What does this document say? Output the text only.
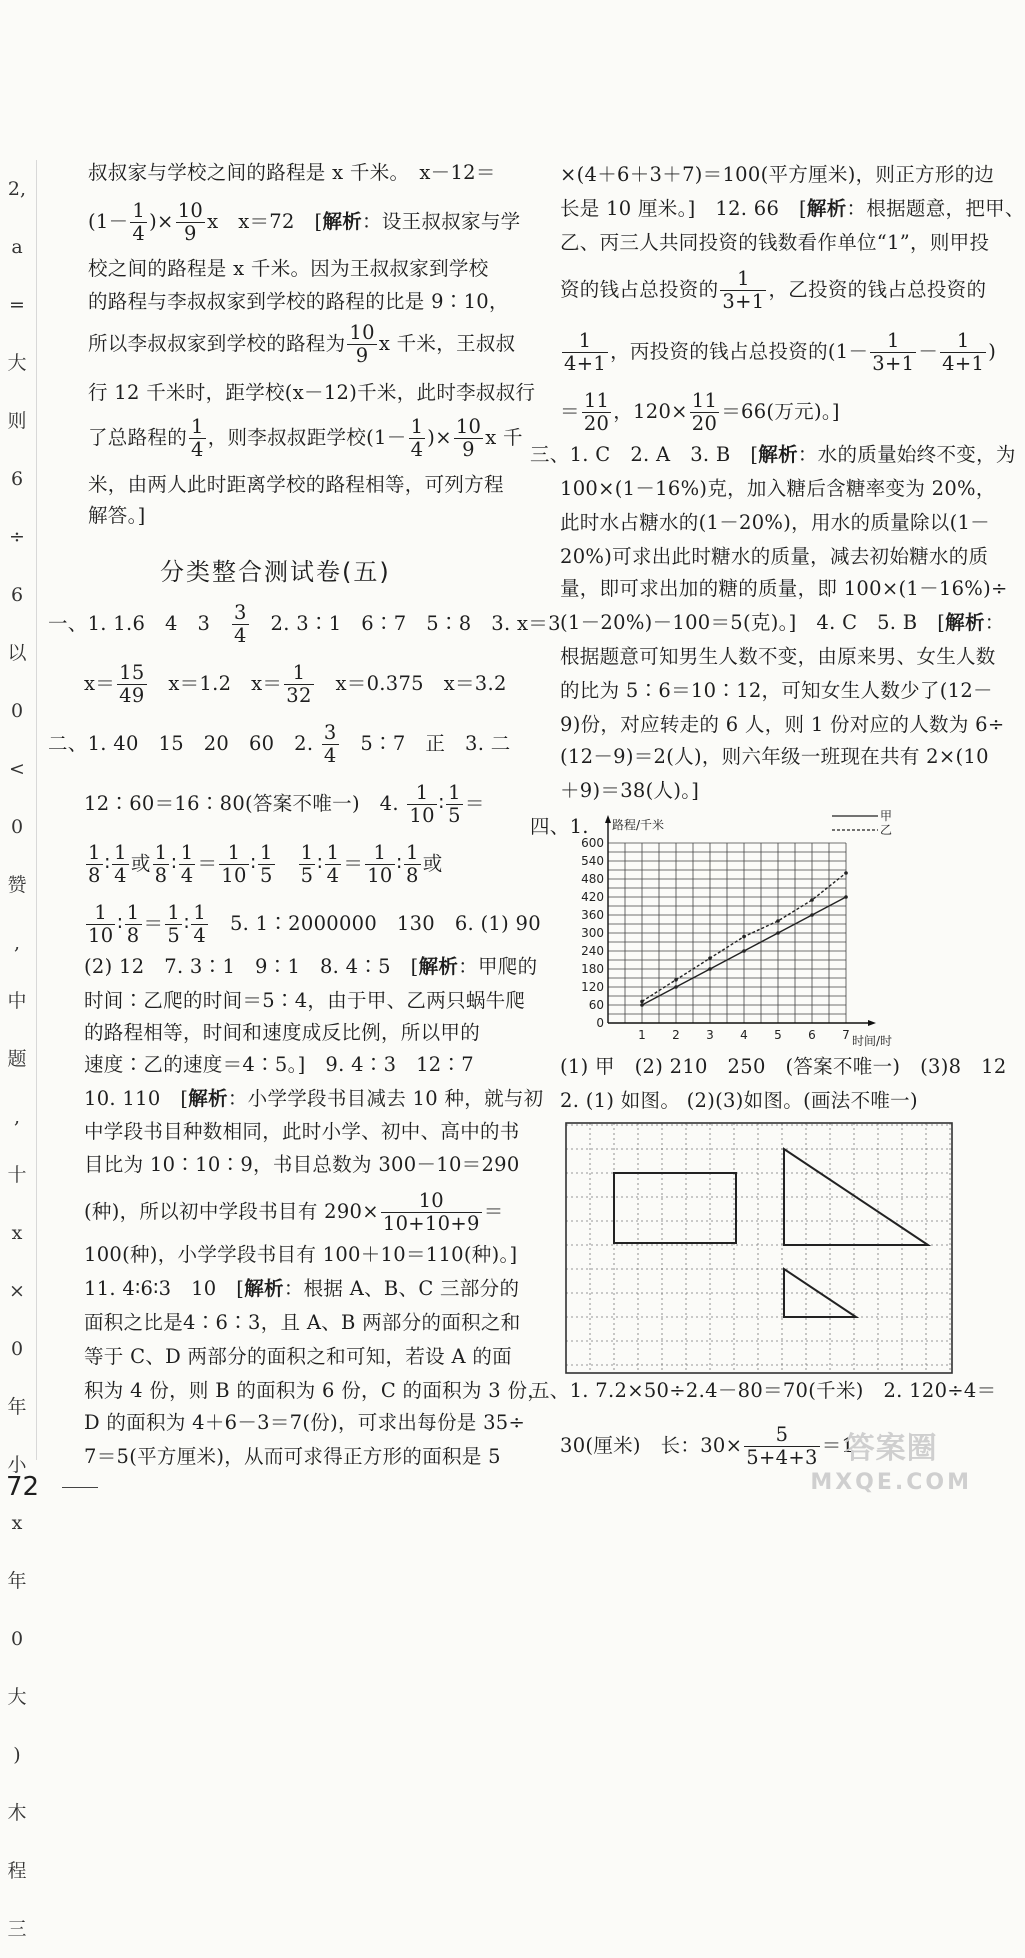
2,
a
=
大
则
6
÷
6
以
0
<
0
赞
,
中
题
,
十
x
×
0
年
小
x
年
0
大
)
木
程
三
叔叔家与学校之间的路程是 x 千米。　x－12＝
($1- \frac{1}{4}$ )× $\frac{10}{9}$ x　x＝72　[解析：设王叔叔家与学
校之间的路程是 x 千米。因为王叔叔家到学校
的路程与李叔叔家到学校的路程的比是 9∶10，
所以李叔叔家到学校的路程为 $\frac{10}{9}$ x 千米，王叔叔
行 12 千米时，距学校(x－12)千米，此时李叔叔行
了总路程的 $\frac{1}{4}$ ，则李叔叔距学校($1- \frac{1}{4}$ )× $\frac{10}{9}$ x 千
米，由两人此时距离学校的路程相等，可列方程
解答。]
分类整合测试卷(五)
一、1. 1.6　4　3　 $\frac{3}{4}$ 　2. 3∶1　6∶7　5∶8　3. x＝3
$x= \frac{15}{49}$ 　x＝1.2　$x= \frac{1}{32}$ 　x＝0.375　x＝3.2
二、1. 40　15　20　60　2. $\frac{3}{4}$ 　5∶7　正　3. 二
12∶60＝16∶80(答案不唯一)　4. $\frac{1}{10}$ ∶ $\frac{1}{5}$ ＝
$\frac{1}{8}$ ∶ $\frac{1}{4}$ 或 $\frac{1}{8}$ ∶ $\frac{1}{4} = \frac{1}{10}$ ∶ $\frac{1}{5}$
　 $\frac{1}{5}$ ∶ $\frac{1}{4} = \frac{1}{10}$ ∶ $\frac{1}{8}$ 或
$\frac{1}{10}$ ∶ $\frac{1}{8} = \frac{1}{5}$ ∶ $\frac{1}{4}$ 　5. 1∶2000000　130　6. (1) 90
(2) 12　7. 3∶1　9∶1　8. 4∶5　[解析：甲爬的
时间∶乙爬的时间＝5∶4，由于甲、乙两只蜗牛爬
的路程相等，时间和速度成反比例，所以甲的
速度∶乙的速度＝4∶5。]　9. 4∶3　12∶7
10. 110　[解析：小学学段书目减去 10 种，就与初
中学段书目种数相同，此时小学、初中、高中的书
目比为 10∶10∶9，书目总数为 300－10＝290
(种)，所以初中学段书目有 $290\times \frac{10}{10+10+9}$ ＝
100(种)，小学学段书目有 100＋10＝110(种)。]
11. 4∶6∶3　10　[解析：根据 A、B、C 三部分的
面积之比是4∶6∶3，且 A、B 两部分的面积之和
等于 C、D 两部分的面积之和可知，若设 A 的面
积为 4 份，则 B 的面积为 6 份，C 的面积为 3 份，
D 的面积为 4＋6－3＝7(份)，可求出每份是 35÷
7＝5(平方厘米)，从而可求得正方形的面积是 5
×(4＋6＋3＋7)＝100(平方厘米)，则正方形的边
长是 10 厘米。]　12. 66　[解析：根据题意，把甲、
乙、丙三人共同投资的钱数看作单位“1”，则甲投
资的钱占总投资的 $\frac{1}{3+1}$ ，乙投资的钱占总投资的
$\frac{1}{4+1}$ ，丙投资的钱占总投资的($1- \frac{1}{3+1} - \frac{1}{4+1}$ )
＝ $\frac{11}{20}$ ，$120\times \frac{11}{20} =66$(万元)。]
三、1. C　2. A　3. B　[解析：水的质量始终不变，为
100×(1－16%)克，加入糖后含糖率变为 20%，
此时水占糖水的(1－20%)，用水的质量除以(1－
20%)可求出此时糖水的质量，减去初始糖水的质
量，即可求出加的糖的质量，即 100×(1－16%)÷
(1－20%)－100＝5(克)。]　4. C　5. B　[解析：
根据题意可知男生人数不变，由原来男、女生人数
的比为 5∶6＝10∶12，可知女生人数少了(12－
9)份，对应转走的 6 人，则 1 份对应的人数为 6÷
(12－9)＝2(人)，则六年级一班现在共有 2×(10
＋9)＝38(人)。]
四、1.
0
60
120
180
240
300
360
420
480
540
600
1 2 3 4 5 6 7
路程/千米
时间/时
甲
乙
(1) 甲　(2) 210　250　(答案不唯一)　(3)8　12
2. (1) 如图。 (2)(3)如图。(画法不唯一)
五、1. 7.2×50÷2.4－80＝70(千米)　2. 120÷4＝
30(厘米)　长：$30\times \frac{5}{5+4+3} =1$
72
答案圈
MXQE.COM
